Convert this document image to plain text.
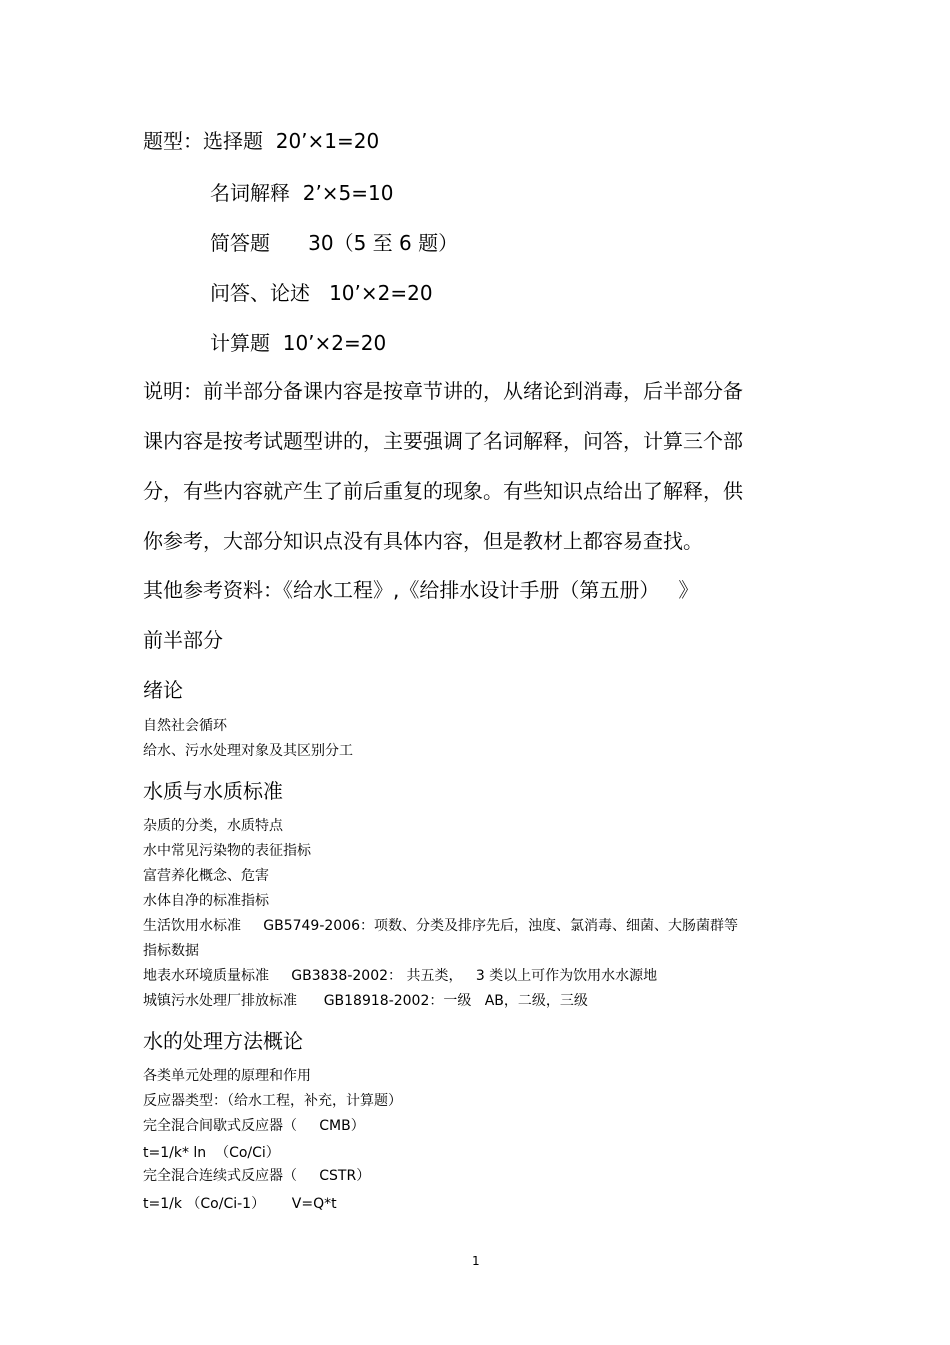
题型：选择题  20’×1=20
名词解释  2’×5=10
简答题      30（5 至 6 题）
问答、论述   10’×2=20
计算题  10’×2=20
说明：前半部分备课内容是按章节讲的，从绪论到消毒，后半部分备
课内容是按考试题型讲的，主要强调了名词解释，问答，计算三个部
分，有些内容就产生了前后重复的现象。有些知识点给出了解释，供
你参考，大部分知识点没有具体内容，但是教材上都容易查找。
其他参考资料：《给水工程》,《给排水设计手册（第五册）   》
前半部分
绪论
自然社会循环
给水、污水处理对象及其区别分工
水质与水质标准
杂质的分类，水质特点
水中常见污染物的表征指标
富营养化概念、危害
水体自净的标准指标
生活饮用水标准     GB5749-2006：项数、分类及排序先后，浊度、氯消毒、细菌、大肠菌群等
指标数据
地表水环境质量标准     GB3838-2002： 共五类，   3 类以上可作为饮用水水源地
城镇污水处理厂排放标准      GB18918-2002：一级   AB，二级，三级
水的处理方法概论
各类单元处理的原理和作用
反应器类型：（给水工程，补充，计算题）
完全混合间歇式反应器（     CMB）
t=1/k* ln  （Co/Ci）
完全混合连续式反应器（     CSTR）
t=1/k （Co/Ci-1）      V=Q*t
1
